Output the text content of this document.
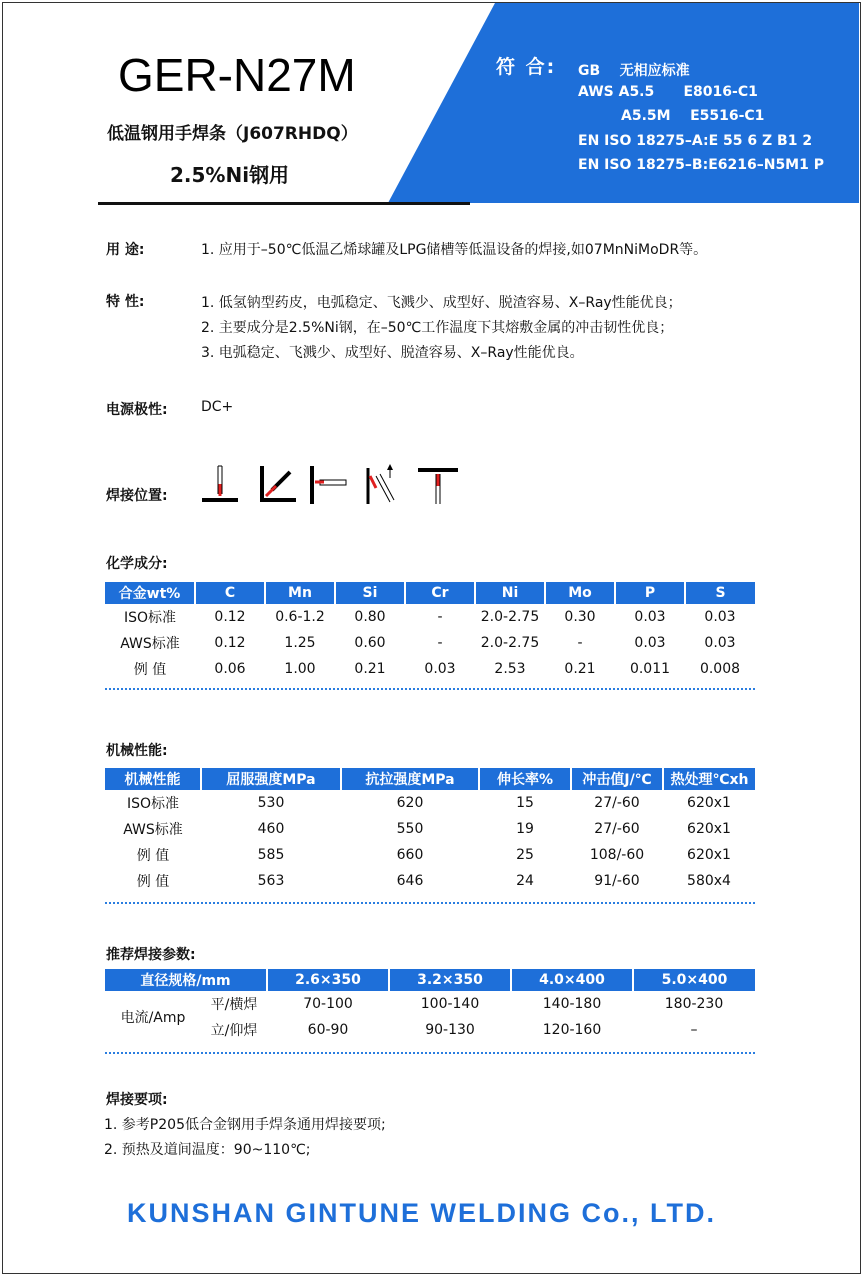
GER-N27M
低温钢用手焊条（J607RHDQ）
2.5%Ni钢用
符 合: GB    无相应标准
AWS A5.5      E8016-C1
A5.5M    E5516-C1
EN ISO 18275–A:E 55 6 Z B1 2
EN ISO 18275–B:E6216–N5M1 P
用 途:	1. 应用于–50℃低温乙烯球罐及LPG储槽等低温设备的焊接,如07MnNiMoDR等。
特 性:	1. 低氢钠型药皮，电弧稳定、飞溅少、成型好、脱渣容易、X–Ray性能优良；
2. 主要成分是2.5%Ni钢，在–50℃工作温度下其熔敷金属的冲击韧性优良；
3. 电弧稳定、飞溅少、成型好、脱渣容易、X–Ray性能优良。
电源极性: DC+
焊接位置:
化学成分:
合金wt%	C	Mn	Si	Cr	Ni	Mo	P	S
ISO标准	0.12	0.6-1.2	0.80	-	2.0-2.75	0.30	0.03	0.03
AWS标准	0.12	1.25	0.60	-	2.0-2.75	-	0.03	0.03
例 值	0.06	1.00	0.21	0.03	2.53	0.21	0.011	0.008
机械性能:
机械性能	屈服强度MPa	抗拉强度MPa	伸长率%	冲击值J/℃	热处理℃xh
ISO标准	530	620	15	27/-60	620x1
AWS标准	460	550	19	27/-60	620x1
例 值	585	660	25	108/-60	620x1
例 值	563	646	24	91/-60	580x4
推荐焊接参数:
直径规格/mm		2.6×350	3.2×350	4.0×400	5.0×400
电流/Amp	平/横焊	70-100	100-140	140-180	180-230
	立/仰焊	60-90	90-130	120-160	–
焊接要项:
1. 参考P205低合金钢用手焊条通用焊接要项;
2. 预热及道间温度：90~110℃;
KUNSHAN GINTUNE WELDING Co., LTD.
